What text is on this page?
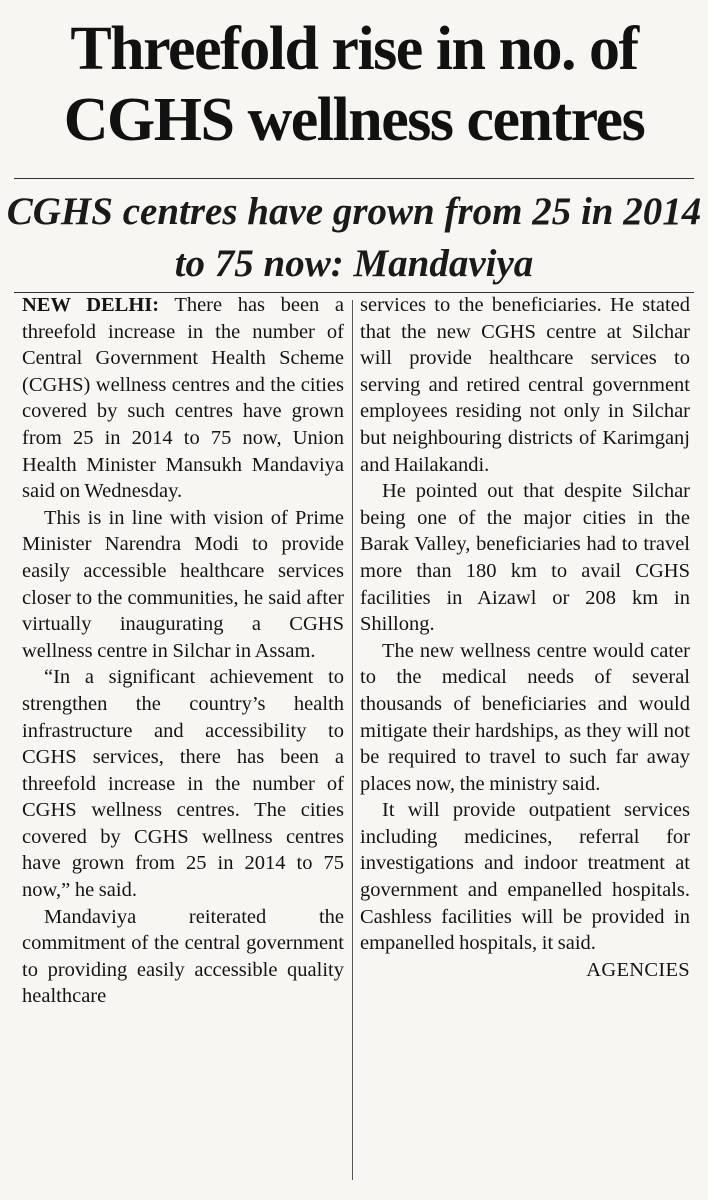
Threefold rise in no. of CGHS wellness centres
CGHS centres have grown from 25 in 2014 to 75 now: Mandaviya

NEW DELHI: There has been a threefold increase in the number of Central Government Health Scheme (CGHS) wellness centres and the cities covered by such centres have grown from 25 in 2014 to 75 now, Union Health Minister Mansukh Mandaviya said on Wednesday.

This is in line with vision of Prime Minister Narendra Modi to provide easily accessible healthcare services closer to the communities, he said after virtually inaugurating a CGHS wellness centre in Silchar in Assam.

“In a significant achievement to strengthen the country’s health infrastructure and accessibility to CGHS services, there has been a threefold increase in the number of CGHS wellness centres. The cities covered by CGHS wellness centres have grown from 25 in 2014 to 75 now,” he said.

Mandaviya reiterated the commitment of the central government to providing easily accessible quality healthcare

services to the beneficiaries. He stated that the new CGHS centre at Silchar will provide healthcare services to serving and retired central government employees residing not only in Silchar but neighbouring districts of Karimganj and Hailakandi.

He pointed out that despite Silchar being one of the major cities in the Barak Valley, beneficiaries had to travel more than 180 km to avail CGHS facilities in Aizawl or 208 km in Shillong.

The new wellness centre would cater to the medical needs of several thousands of beneficiaries and would mitigate their hardships, as they will not be required to travel to such far away places now, the ministry said.

It will provide outpatient services including medicines, referral for investigations and indoor treatment at government and empanelled hospitals. Cashless facilities will be provided in empanelled hospitals, it said.
AGENCIES
